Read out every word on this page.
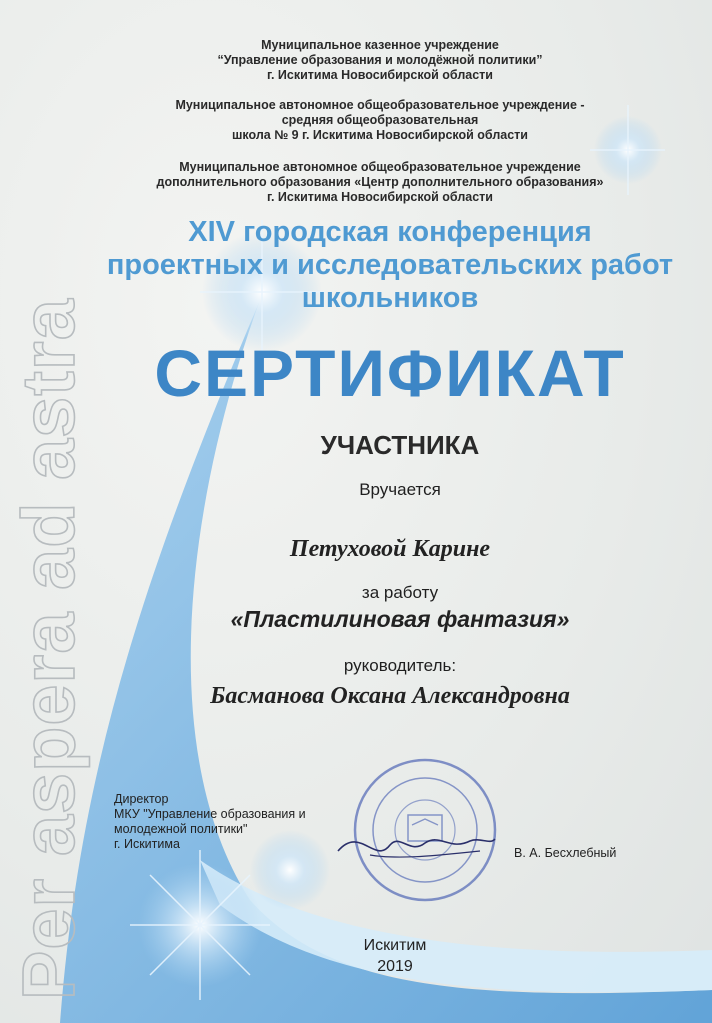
Per aspera ad astra
Муниципальное казенное учреждение
“Управление образования и молодёжной политики”
г. Искитима Новосибирской области
Муниципальное автономное общеобразовательное учреждение -
средняя общеобразовательная
школа № 9 г. Искитима Новосибирской области
Муниципальное автономное общеобразовательное учреждение
дополнительного образования «Центр дополнительного образования»
г. Искитима Новосибирской области
XIV городская конференция
проектных и исследовательских работ
школьников
СЕРТИФИКАТ
УЧАСТНИКА
Вручается
Петуховой Карине
за работу
«Пластилиновая фантазия»
руководитель:
Басманова Оксана Александровна
Директор
МКУ "Управление образования и
молодежной политики"
г. Искитима
В. А. Бесхлебный
Искитим
2019
